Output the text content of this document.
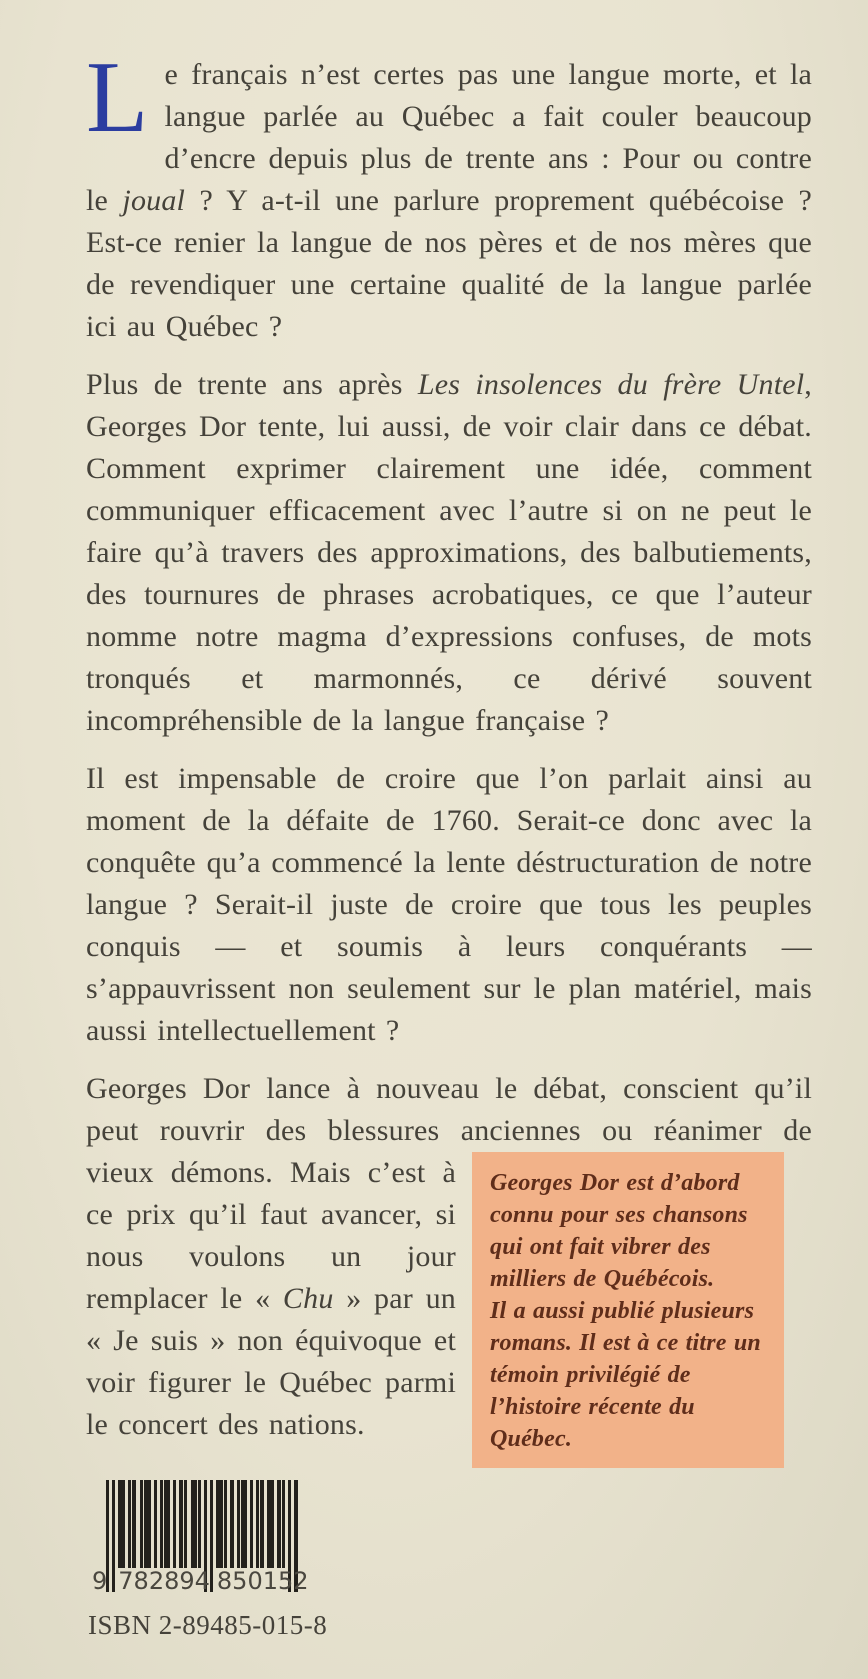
Le français n’est certes pas une langue morte, et la langue parlée au Québec a fait couler beaucoup d’encre depuis plus de trente ans : Pour ou contre le joual ? Y a-t-il une parlure proprement québécoise ? Est-ce renier la langue de nos pères et de nos mères que de revendiquer une certaine qualité de la langue parlée ici au Québec ?
Plus de trente ans après Les insolences du frère Untel, Georges Dor tente, lui aussi, de voir clair dans ce débat. Comment exprimer clairement une idée, comment communiquer efficacement avec l’autre si on ne peut le faire qu’à travers des approximations, des balbutiements, des tournures de phrases acrobatiques, ce que l’auteur nomme notre magma d’expressions confuses, de mots tronqués et marmonnés, ce dérivé souvent incompréhensible de la langue française ?
Il est impensable de croire que l’on parlait ainsi au moment de la défaite de 1760. Serait-ce donc avec la conquête qu’a commencé la lente déstructuration de notre langue ? Serait-il juste de croire que tous les peuples conquis — et soumis à leurs conquérants — s’appauvrissent non seulement sur le plan matériel, mais aussi intellectuellement ?
Georges Dor est d’abord connu pour ses chansons qui ont fait vibrer des milliers de Québécois.
Il a aussi publié plusieurs romans. Il est à ce titre un témoin privilégié de l’histoire récente du Québec.
Georges Dor lance à nouveau le débat, conscient qu’il peut rouvrir des blessures anciennes ou réanimer de vieux démons. Mais c’est à ce prix qu’il faut avancer, si nous voulons un jour remplacer le « Chu » par un « Je suis » non équivoque et voir figurer le Québec parmi le concert des nations.
9 782894 850152
ISBN 2-89485-015-8
